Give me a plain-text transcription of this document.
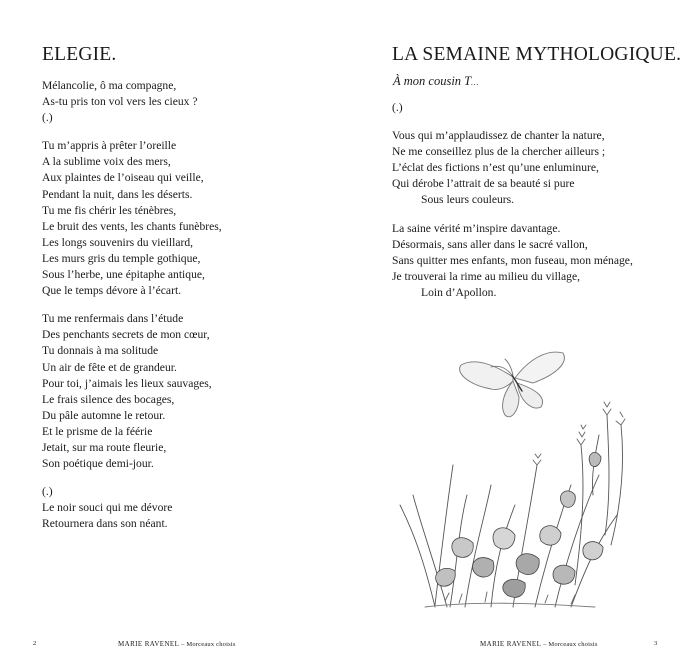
ELEGIE.
Mélancolie, ô ma compagne,
As-tu pris ton vol vers les cieux ?
(.)
Tu m’appris à prêter l’oreille
A la sublime voix des mers,
Aux plaintes de l’oiseau qui veille,
Pendant la nuit, dans les déserts.
Tu me fis chérir les ténèbres,
Le bruit des vents, les chants funèbres,
Les longs souvenirs du vieillard,
Les murs gris du temple gothique,
Sous l’herbe, une épitaphe antique,
Que le temps dévore à l’écart.
Tu me renfermais dans l’étude
Des penchants secrets de mon cœur,
Tu donnais à ma solitude
Un air de fête et de grandeur.
Pour toi, j’aimais les lieux sauvages,
Le frais silence des bocages,
Du pâle automne le retour.
Et le prisme de la féérie
Jetait, sur ma route fleurie,
Son poétique demi-jour.
(.)
Le noir souci qui me dévore
Retournera dans son néant.
2	MARIE RAVENEL – Morceaux choisis
LA SEMAINE MYTHOLOGIQUE.
À mon cousin T…
(.)
Vous qui m’applaudissez de chanter la nature,
Ne me conseillez plus de la chercher ailleurs ;
L’éclat des fictions n’est qu’une enluminure,
Qui dérobe l’attrait de sa beauté si pure
Sous leurs couleurs.
La saine vérité m’inspire davantage.
Désormais, sans aller dans le sacré vallon,
Sans quitter mes enfants, mon fuseau, mon ménage,
Je trouverai la rime au milieu du village,
Loin d’Apollon.
MARIE RAVENEL – Morceaux choisis	3
